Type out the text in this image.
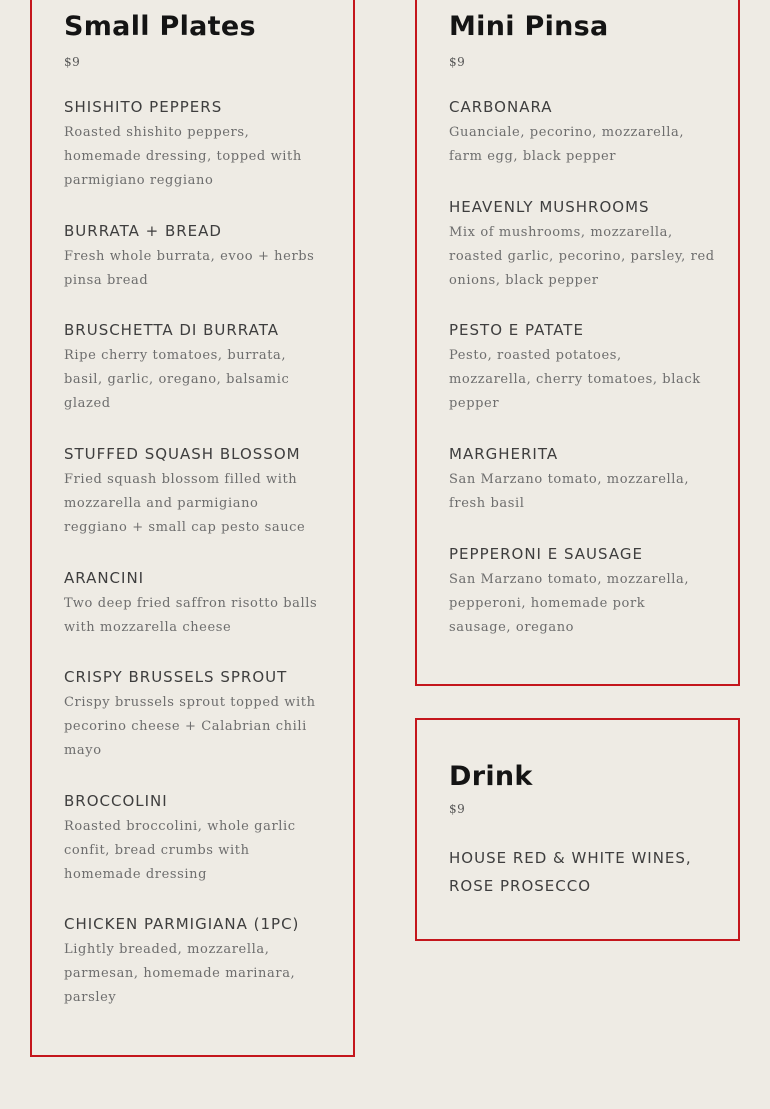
Small Plates
$9
SHISHITO PEPPERS
Roasted shishito peppers,
homemade dressing, topped with
parmigiano reggiano
BURRATA + BREAD
Fresh whole burrata, evoo + herbs
pinsa bread
BRUSCHETTA DI BURRATA
Ripe cherry tomatoes, burrata,
basil, garlic, oregano, balsamic
glazed
STUFFED SQUASH BLOSSOM
Fried squash blossom filled with
mozzarella and parmigiano
reggiano + small cap pesto sauce
ARANCINI
Two deep fried saffron risotto balls
with mozzarella cheese
CRISPY BRUSSELS SPROUT
Crispy brussels sprout topped with
pecorino cheese + Calabrian chili
mayo
BROCCOLINI
Roasted broccolini, whole garlic
confit, bread crumbs with
homemade dressing
CHICKEN PARMIGIANA (1PC)
Lightly breaded, mozzarella,
parmesan, homemade marinara,
parsley
Mini Pinsa
$9
CARBONARA
Guanciale, pecorino, mozzarella,
farm egg, black pepper
HEAVENLY MUSHROOMS
Mix of mushrooms, mozzarella,
roasted garlic, pecorino, parsley, red
onions, black pepper
PESTO E PATATE
Pesto, roasted potatoes,
mozzarella, cherry tomatoes, black
pepper
MARGHERITA
San Marzano tomato, mozzarella,
fresh basil
PEPPERONI E SAUSAGE
San Marzano tomato, mozzarella,
pepperoni, homemade pork
sausage, oregano
Drink
$9
HOUSE RED & WHITE WINES,
ROSE PROSECCO
